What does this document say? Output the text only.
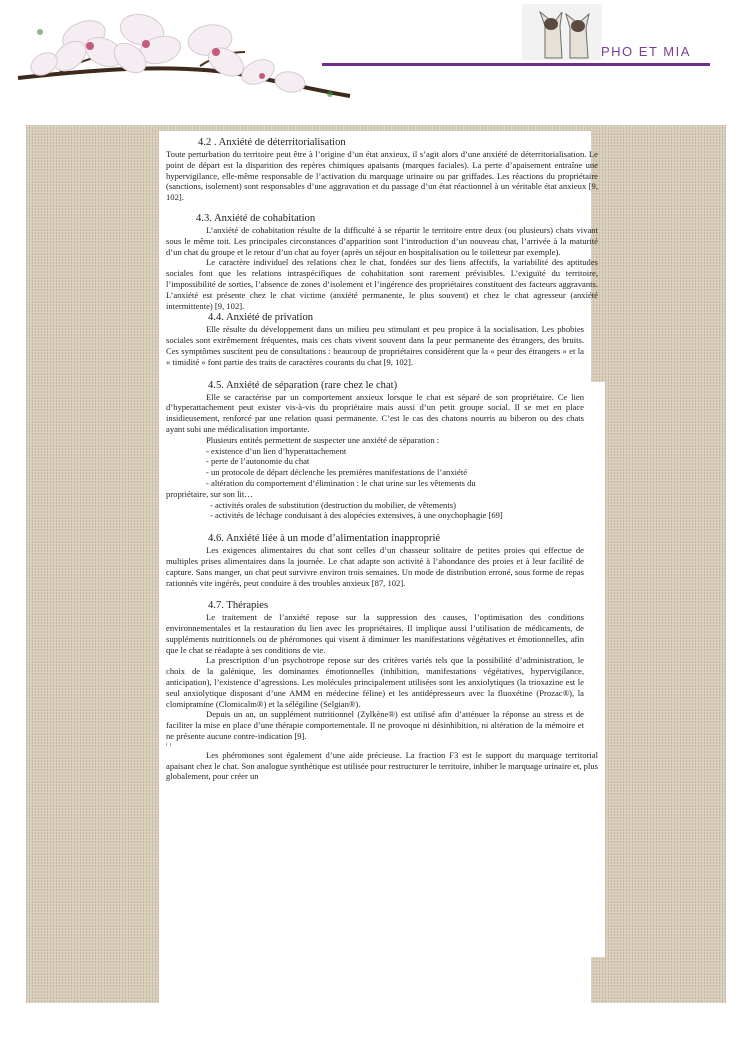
PHO ET MIA

4.2 . Anxiété de déterritorialisation

Toute perturbation du territoire peut être à l’origine d’un état anxieux, il s’agit alors d’une anxiété de déterritorialisation. Le point de départ est la disparition des repères chimiques apaisants (marques faciales). La perte d’apaisement entraîne une hypervigilance, elle-même responsable de l’activation du marquage urinaire ou par griffades. Les réactions du propriétaire (sanctions, isolement) sont responsables d’une aggravation et du passage d’un état réactionnel à un véritable état anxieux [9, 102].

4.3. Anxiété de cohabitation

L’anxiété de cohabitation résulte de la difficulté à se répartir le territoire entre deux (ou plusieurs) chats vivant sous le même toit. Les principales circonstances d’apparition sont l’introduction d’un nouveau chat, l’arrivée à la maturité d’un chat du groupe et le retour d’un chat au foyer (après un séjour en hospitalisation ou le toiletteur par exemple).

Le caractère individuel des relations chez le chat, fondées sur des liens affectifs, la variabilité des aptitudes sociales font que les relations intraspécifiques de cohabitation sont rarement prévisibles. L’exiguïté du territoire, l’impossibilité de sorties, l’absence de zones d’isolement et l’ingérence des propriétaires constituent des facteurs aggravants. L’anxiété est présente chez le chat victime (anxiété permanente, le plus souvent) et chez le chat agresseur (anxiété intermittente) [9, 102].

4.4. Anxiété de privation

Elle résulte du développement dans un milieu peu stimulant et peu propice à la socialisation. Les phobies sociales sont extrêmement fréquentes, mais ces chats vivent souvent dans la peur permanente des étrangers, des bruits. Ces symptômes suscitent peu de consultations : beaucoup de propriétaires considèrent que la « peur des étrangers » et la « timidité » font partie des traits de caractères courants du chat [9, 102].

4.5. Anxiété de séparation (rare chez le chat)

Elle se caractérise par un comportement anxieux lorsque le chat est séparé de son propriétaire. Ce lien d’hyperattachement peut exister vis-à-vis du propriétaire mais aussi d’un petit groupe social. Il se met en place insidieusement, renforcé par une relation quasi permanente. C’est le cas des chatons nourris au biberon ou des chats ayant subi une médicalisation importante.

Plusieurs entités permettent de suspecter une anxiété de séparation :

- existence d’un lien d’hyperattachement

- perte de l’autonomie du chat

- un protocole de départ déclenche les premières manifestations de l’anxiété

- altération du comportement d’élimination : le chat urine sur les vêtements du

propriétaire, sur son lit…

- activités orales de substitution (destruction du mobilier, de vêtements)

- activités de léchage conduisant à des alopécies extensives, à une onychophagie [69]

4.6. Anxiété liée à un mode d’alimentation inapproprié

Les exigences alimentaires du chat sont celles d’un chasseur solitaire de petites proies qui effectue de multiples prises alimentaires dans la journée. Le chat adapte son activité à l’abondance des proies et à leur facilité de capture. Sans manger, un chat peut survivre environ trois semaines. Un mode de distribution erroné, sous forme de repas rationnés vite ingérés, peut conduire à des troubles anxieux [87, 102].

4.7. Thérapies

Le traitement de l’anxiété repose sur la suppression des causes, l’optimisation des conditions environnementales et la restauration du lien avec les propriétaires. Il implique aussi l’utilisation de médicaments, de suppléments nutritionnels ou de phéromones qui visent à diminuer les manifestations végétatives et émotionnelles, afin que le chat se réadapte à ses conditions de vie.

La prescription d’un psychotrope repose sur des critères variés tels que la possibilité d’administration, le choix de la galénique, les dominantes émotionnelles (inhibition, manifestations végétatives, hypervigilance, anticipation), l’existence d’agressions. Les molécules principalement utilisées sont les anxiolytiques (la trioxazine est le seul anxiolytique disposant d’une AMM en médecine féline) et les antidépresseurs avec la fluoxétine (Prozac®), la clomipramine (Clomicalm®) et la sélégiline (Selgian®).

Depuis un an, un supplément nutritionnel (Zylkène®) est utilisé afin d’atténuer la réponse au stress et de faciliter la mise en place d’une thérapie comportementale. Il ne provoque ni désinhibition, ni altération de la mémoire et ne présente aucune contre-indication [9].

⁽ ⁾

Les phéromones sont également d’une aide précieuse. La fraction F3 est le support du marquage territorial apaisant chez le chat. Son analogue synthétique est utilisée pour restructurer le territoire, inhiber le marquage urinaire et, plus globalement, pour créer un
